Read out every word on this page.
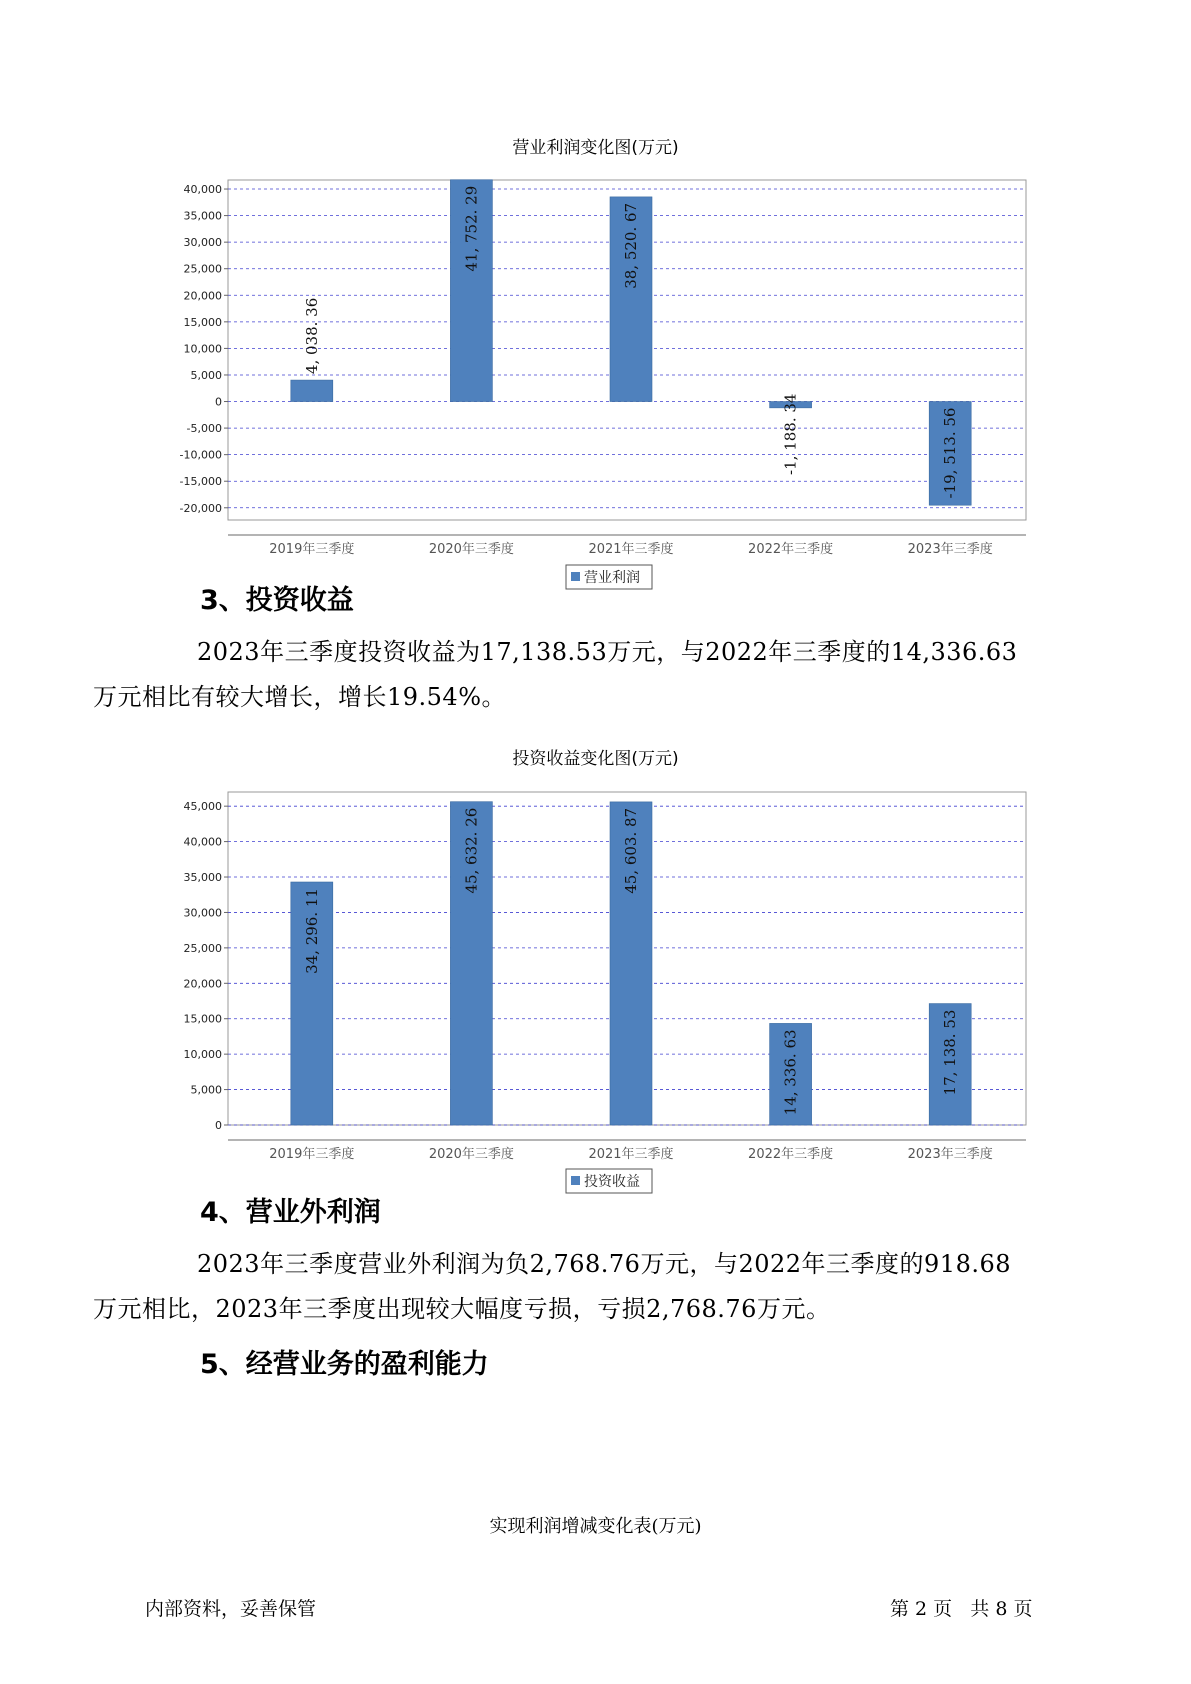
营业利润变化图(万元)
40,000
35,000
30,000
25,000
20,000
15,000
10,000
5,000
0
-5,000
-10,000
-15,000
-20,000
2019年三季度
4, 038. 36
2020年三季度
41, 752. 29
2021年三季度
38, 520. 67
2022年三季度
-1, 188. 34
2023年三季度
-19, 513. 56
营业利润
3、投资收益

2023年三季度投资收益为17,138.53万元，与2022年三季度的14,336.63
万元相比有较大增长，增长19.54%。

投资收益变化图(万元)
45,000
40,000
35,000
30,000
25,000
20,000
15,000
10,000
5,000
0
2019年三季度
34, 296. 11
2020年三季度
45, 632. 26
2021年三季度
45, 603. 87
2022年三季度
14, 336. 63
2023年三季度
17, 138. 53
投资收益
4、营业外利润

2023年三季度营业外利润为负2,768.76万元，与2022年三季度的918.68
万元相比，2023年三季度出现较大幅度亏损，亏损2,768.76万元。

5、经营业务的盈利能力
实现利润增减变化表(万元)
内部资料，妥善保管	第 2 页   共 8 页
